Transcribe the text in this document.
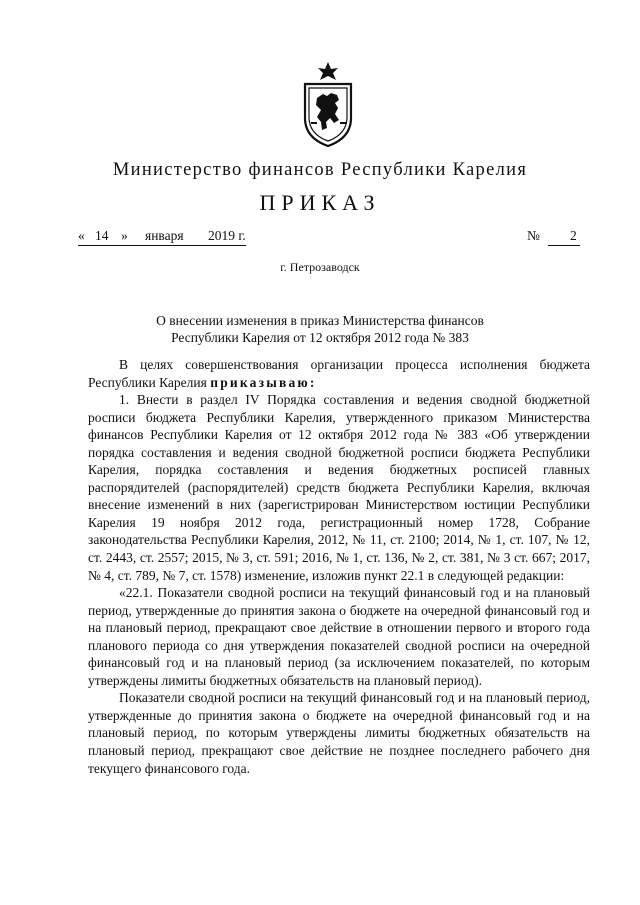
Министерство финансов Республики Карелия
ПРИКАЗ
« 14 » января 2019 г.	№ 2
г. Петрозаводск
О внесении изменения в приказ Министерства финансов
Республики Карелия от 12 октября 2012 года № 383

В целях совершенствования организации процесса исполнения бюджета Республики Карелия приказываю:

1. Внести в раздел IV Порядка составления и ведения сводной бюджетной росписи бюджета Республики Карелия, утвержденного приказом Министерства финансов Республики Карелия от 12 октября 2012 года № 383 «Об утверждении порядка составления и ведения сводной бюджетной росписи бюджета Республики Карелия, порядка составления и ведения бюджетных росписей главных распорядителей (распорядителей) средств бюджета Республики Карелия, включая внесение изменений в них (зарегистрирован Министерством юстиции Республики Карелия 19 ноября 2012 года, регистрационный номер 1728, Собрание законодательства Республики Карелия, 2012, № 11, ст. 2100; 2014, № 1, ст. 107, № 12, ст. 2443, ст. 2557; 2015, № 3, ст. 591; 2016, № 1, ст. 136, № 2, ст. 381, № 3 ст. 667; 2017, № 4, ст. 789, № 7, ст. 1578) изменение, изложив пункт 22.1 в следующей редакции:

«22.1. Показатели сводной росписи на текущий финансовый год и на плановый период, утвержденные до принятия закона о бюджете на очередной финансовый год и на плановый период, прекращают свое действие в отношении первого и второго года планового периода со дня утверждения показателей сводной росписи на очередной финансовый год и на плановый период (за исключением показателей, по которым утверждены лимиты бюджетных обязательств на плановый период).

Показатели сводной росписи на текущий финансовый год и на плановый период, утвержденные до принятия закона о бюджете на очередной финансовый год и на плановый период, по которым утверждены лимиты бюджетных обязательств на плановый период, прекращают свое действие не позднее последнего рабочего дня текущего финансового года.
